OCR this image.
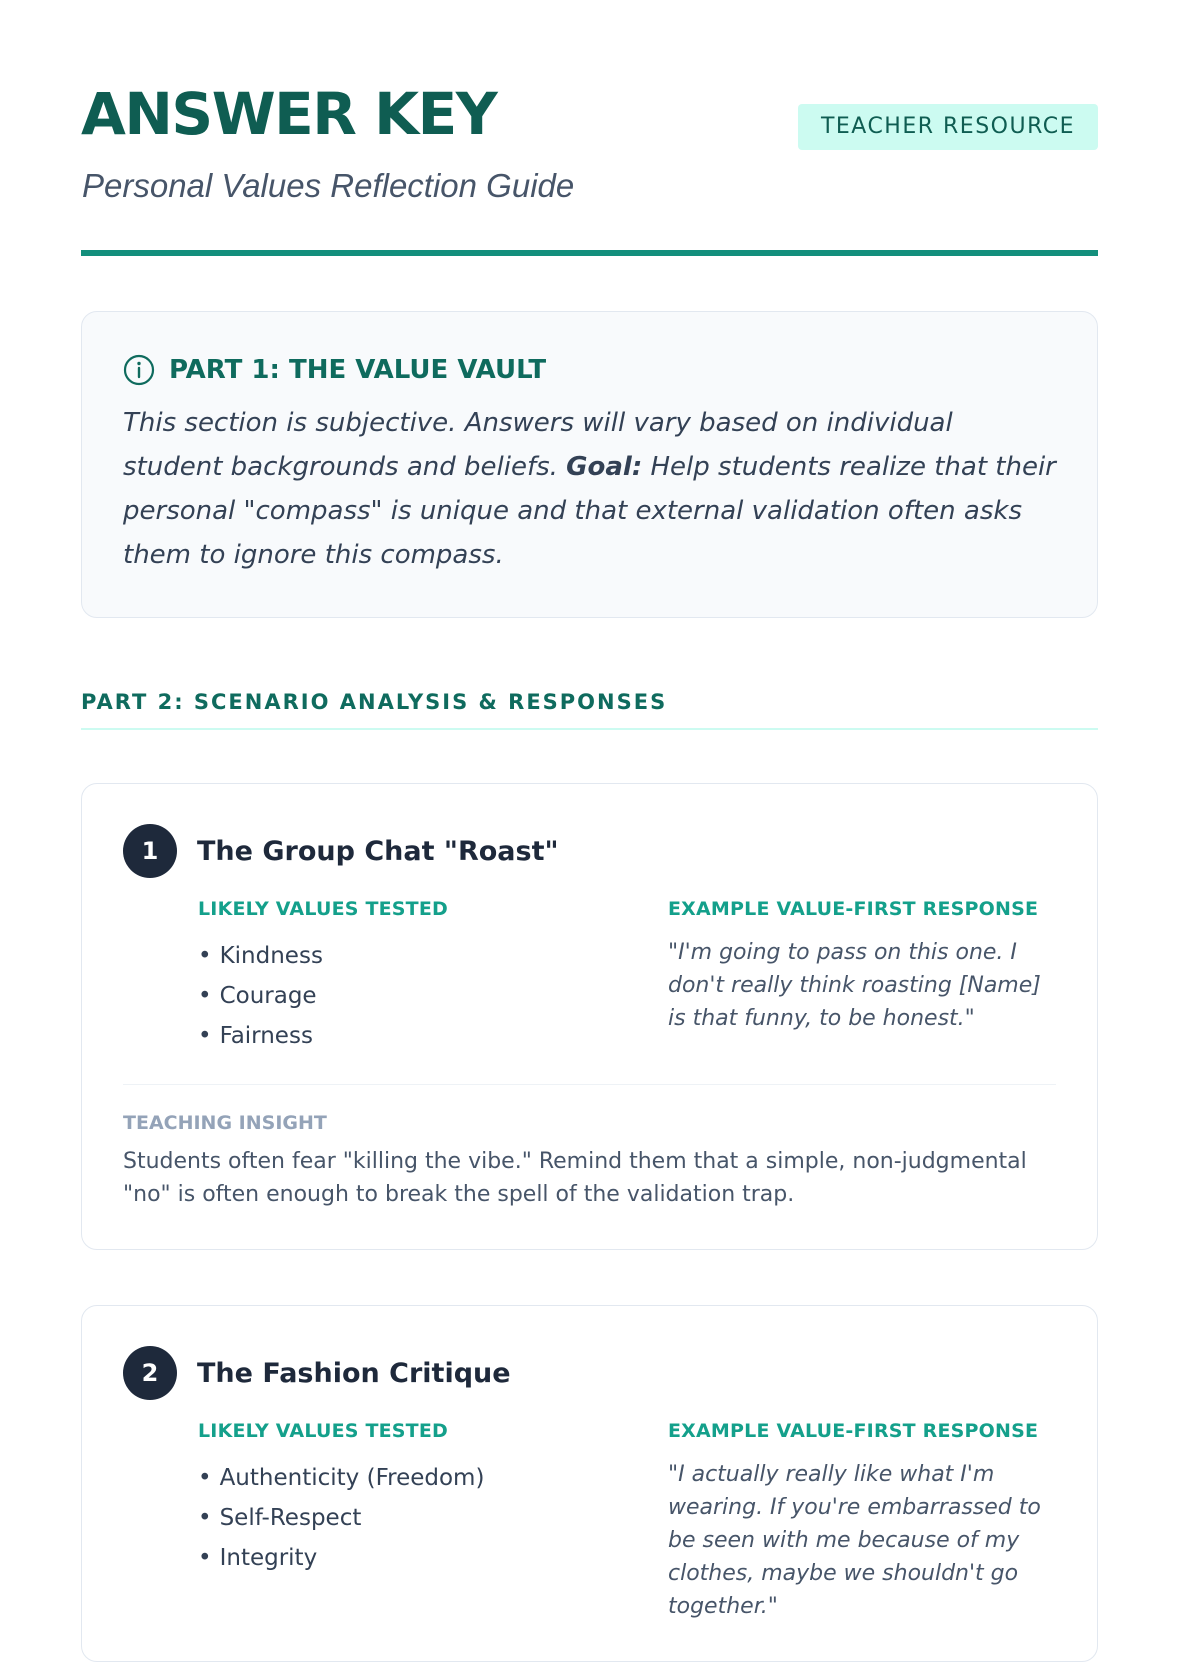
ANSWER KEY
Personal Values Reflection Guide
TEACHER RESOURCE
PART 1: THE VALUE VAULT

This section is subjective. Answers will vary based on individual student backgrounds and beliefs. Goal: Help students realize that their personal "compass" is unique and that external validation often asks them to ignore this compass.

PART 2: SCENARIO ANALYSIS & RESPONSES
1	The Group Chat "Roast"
LIKELY VALUES TESTED
• Kindness
• Courage
• Fairness
EXAMPLE VALUE-FIRST RESPONSE

"I'm going to pass on this one. I don't really think roasting [Name] is that funny, to be honest."

TEACHING INSIGHT

Students often fear "killing the vibe." Remind them that a simple, non-judgmental "no" is often enough to break the spell of the validation trap.

2	The Fashion Critique
LIKELY VALUES TESTED
• Authenticity (Freedom)
• Self-Respect
• Integrity
EXAMPLE VALUE-FIRST RESPONSE

"I actually really like what I'm wearing. If you're embarrassed to be seen with me because of my clothes, maybe we shouldn't go together."
